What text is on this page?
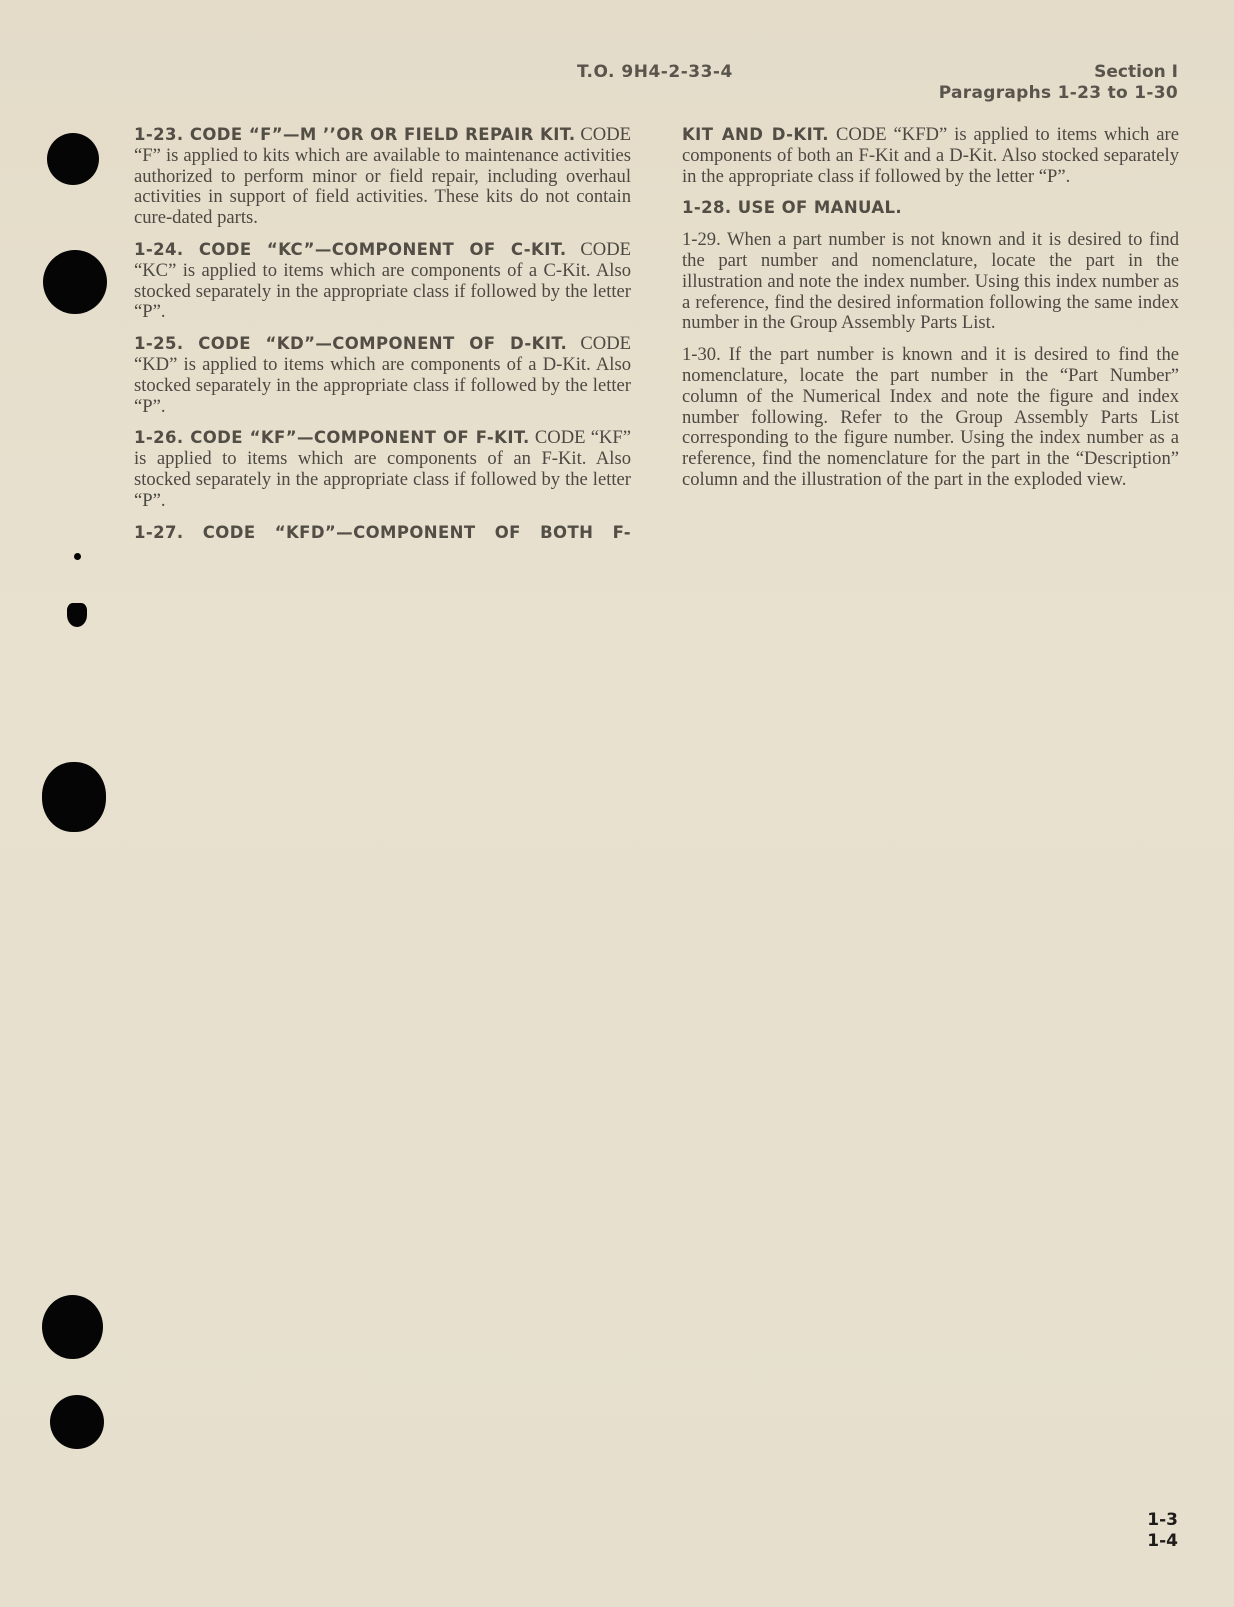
T.O. 9H4-2-33-4	Section I
Paragraphs 1-23 to 1-30

1-23. CODE “F”—M ’’OR OR FIELD REPAIR KIT. CODE “F” is applied to kits which are available to maintenance activities authorized to perform minor or field repair, including overhaul activities in support of field activities. These kits do not contain cure-dated parts.

1-24. CODE “KC”—COMPONENT OF C-KIT. CODE “KC” is applied to items which are components of a C-Kit. Also stocked separately in the appropriate class if followed by the letter “P”.

1-25. CODE “KD”—COMPONENT OF D-KIT. CODE “KD” is applied to items which are components of a D-Kit. Also stocked separately in the appropriate class if followed by the letter “P”.

1-26. CODE “KF”—COMPONENT OF F-KIT. CODE “KF” is applied to items which are components of an F-Kit. Also stocked separately in the appropriate class if followed by the letter “P”.

1-27. CODE “KFD”—COMPONENT OF BOTH F-

KIT AND D-KIT. CODE “KFD” is applied to items which are components of both an F-Kit and a D-Kit. Also stocked separately in the appropriate class if followed by the letter “P”.

1-28. USE OF MANUAL.

1-29. When a part number is not known and it is desired to find the part number and nomenclature, locate the part in the illustration and note the index number. Using this index number as a reference, find the desired information following the same index number in the Group Assembly Parts List.

1-30. If the part number is known and it is desired to find the nomenclature, locate the part number in the “Part Number” column of the Numerical Index and note the figure and index number following. Refer to the Group Assembly Parts List corresponding to the figure number. Using the index number as a reference, find the nomenclature for the part in the “Description” column and the illustration of the part in the exploded view.

1-3
1-4
